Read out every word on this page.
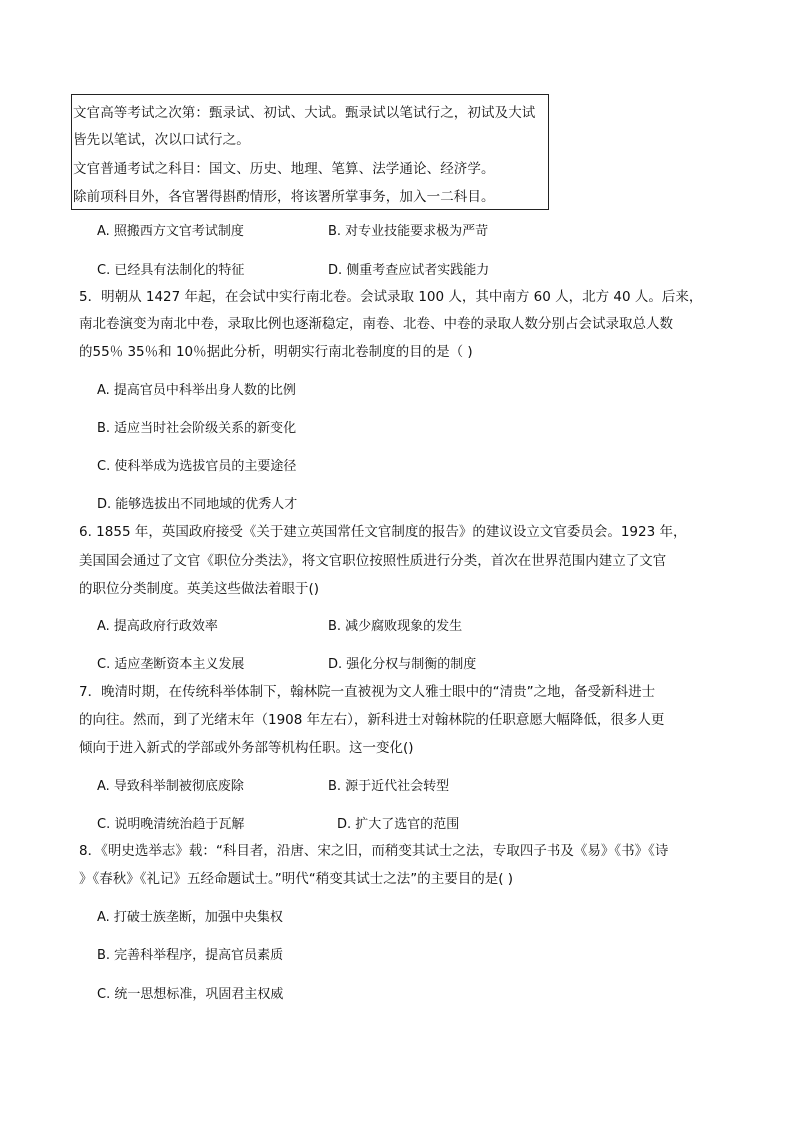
文官高等考试之次第：甄录试、初试、大试。甄录试以笔试行之，初试及大试
皆先以笔试，次以口试行之。
文官普通考试之科目：国文、历史、地理、笔算、法学通论、经济学。
除前项科目外，各官署得斟酌情形，将该署所掌事务，加入一二科目。
A. 照搬西方文官考试制度	B. 对专业技能要求极为严苛
C. 已经具有法制化的特征	D. 侧重考查应试者实践能力
5．明朝从 1427 年起，在会试中实行南北卷。会试录取 100 人，其中南方 60 人，北方 40 人。后来，
南北卷演变为南北中卷，录取比例也逐渐稳定，南卷、北卷、中卷的录取人数分别占会试录取总人数
的55％ 35％和 10％据此分析，明朝实行南北卷制度的目的是（ )
A. 提高官员中科举出身人数的比例
B. 适应当时社会阶级关系的新变化
C. 使科举成为选拔官员的主要途径
D. 能够选拔出不同地域的优秀人才
6. 1855 年，英国政府接受《关于建立英国常任文官制度的报告》的建议设立文官委员会。1923 年，
美国国会通过了文官《职位分类法》，将文官职位按照性质进行分类，首次在世界范围内建立了文官
的职位分类制度。英美这些做法着眼于()
A. 提高政府行政效率	B. 减少腐败现象的发生
C. 适应垄断资本主义发展	D. 强化分权与制衡的制度
7．晚清时期，在传统科举体制下，翰林院一直被视为文人雅士眼中的“清贵”之地，备受新科进士
的向往。然而，到了光绪末年（1908 年左右），新科进士对翰林院的任职意愿大幅降低，很多人更
倾向于进入新式的学部或外务部等机构任职。这一变化()
A. 导致科举制被彻底废除	B. 源于近代社会转型
C. 说明晚清统治趋于瓦解	D. 扩大了选官的范围
8．《明史选举志》载：“科目者，沿唐、宋之旧，而稍变其试士之法，专取四子书及《易》《书》《诗
》《春秋》《礼记》五经命题试士。”明代“稍变其试士之法”的主要目的是( )
A. 打破士族垄断，加强中央集权
B. 完善科举程序，提高官员素质
C. 统一思想标准，巩固君主权威
